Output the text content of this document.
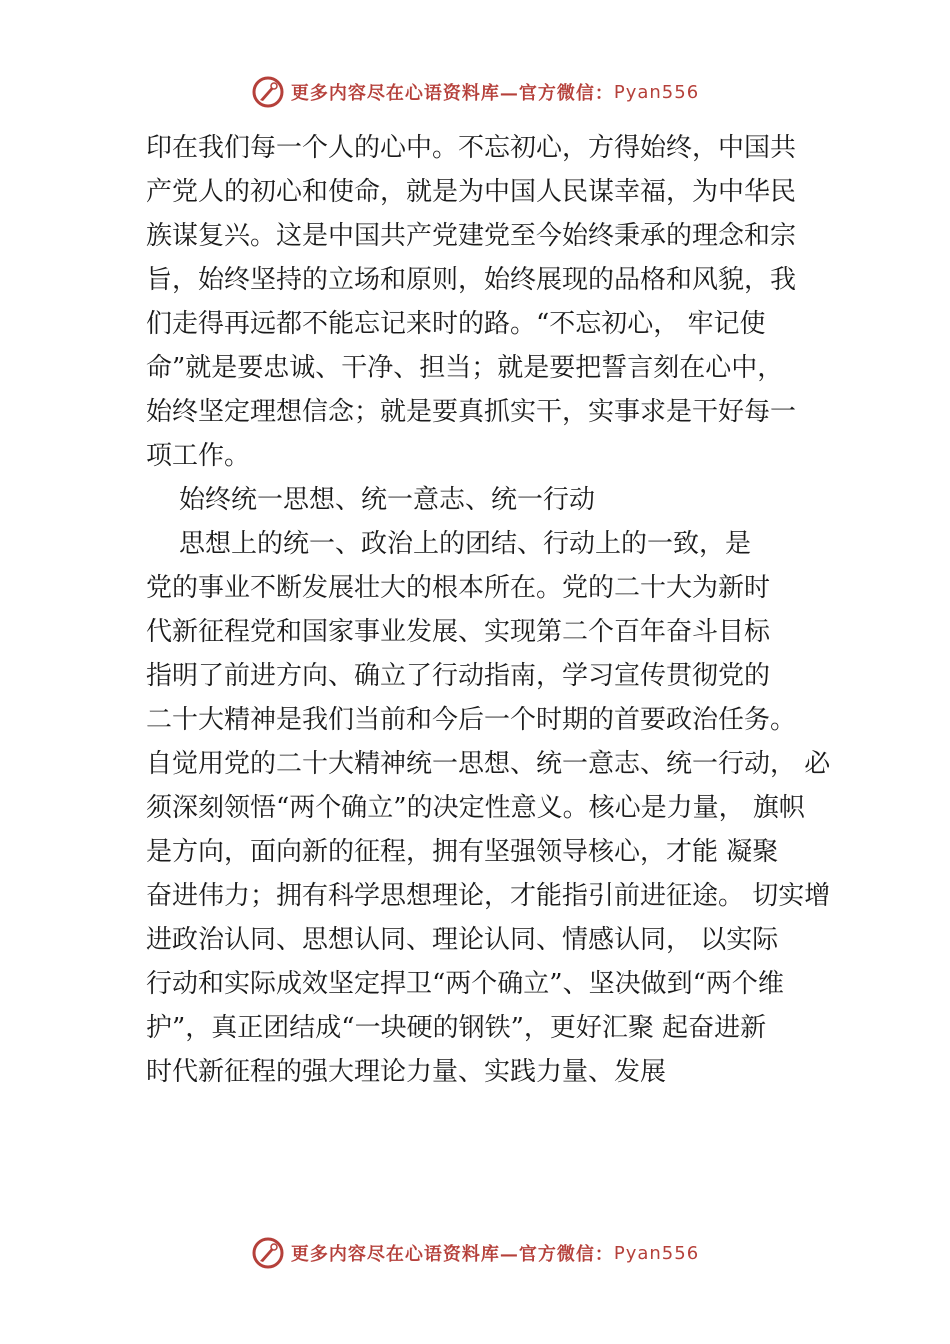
更多内容尽在心语资料库—官方微信： Pyan556
印在我们每一个人的心中。不忘初心，方得始终，中国共
产党人的初心和使命，就是为中国人民谋幸福，为中华民
族谋复兴。这是中国共产党建党至今始终秉承的理念和宗
旨，始终坚持的立场和原则，始终展现的品格和风貌，我
们走得再远都不能忘记来时的路。“不忘初心， 牢记使
命”就是要忠诚、干净、担当；就是要把誓言刻在心中，
始终坚定理想信念；就是要真抓实干，实事求是干好每一
项工作。
始终统一思想、统一意志、统一行动
思想上的统一、政治上的团结、行动上的一致，是
党的事业不断发展壮大的根本所在。党的二十大为新时
代新征程党和国家事业发展、实现第二个百年奋斗目标
指明了前进方向、确立了行动指南，学习宣传贯彻党的
二十大精神是我们当前和今后一个时期的首要政治任务。
自觉用党的二十大精神统一思想、统一意志、统一行动， 必
须深刻领悟“两个确立”的决定性意义。核心是力量， 旗帜
是方向，面向新的征程，拥有坚强领导核心，才能 凝聚
奋进伟力；拥有科学思想理论，才能指引前进征途。 切实增
进政治认同、思想认同、理论认同、情感认同， 以实际
行动和实际成效坚定捍卫“两个确立”、坚决做到“两个维
护”，真正团结成“一块硬的钢铁”，更好汇聚 起奋进新
时代新征程的强大理论力量、实践力量、发展
更多内容尽在心语资料库—官方微信： Pyan556
